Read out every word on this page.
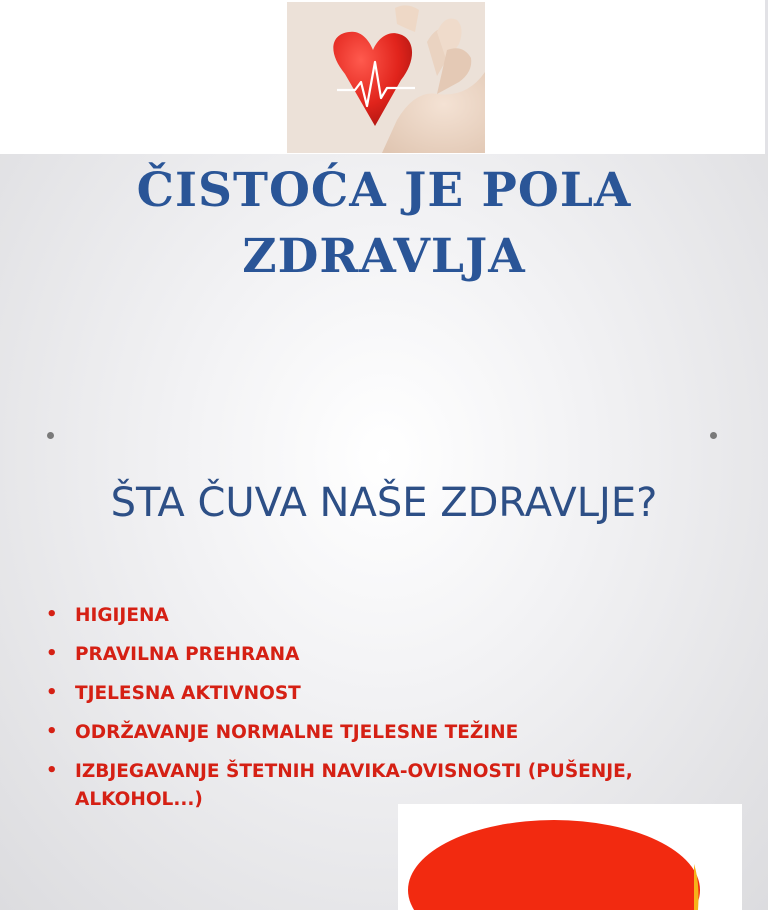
ČISTOĆA JE POLA
ZDRAVLJA
ŠTA ČUVA NAŠE ZDRAVLJE?
• HIGIJENA
• PRAVILNA PREHRANA
• TJELESNA AKTIVNOST
• ODRŽAVANJE NORMALNE TJELESNE TEŽINE
• IZBJEGAVANJE ŠTETNIH NAVIKA-OVISNOSTI (PUŠENJE, ALKOHOL...)
